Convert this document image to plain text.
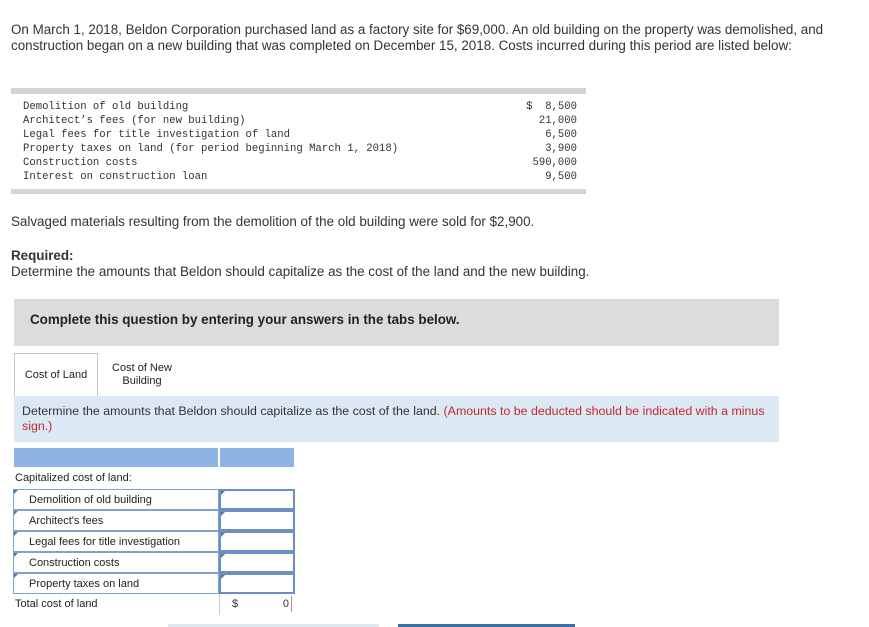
On March 1, 2018, Beldon Corporation purchased land as a factory site for $69,000. An old building on the property was demolished, and construction began on a new building that was completed on December 15, 2018. Costs incurred during this period are listed below:
Demolition of old building	$  8,500
Architect’s fees (for new building)	21,000
Legal fees for title investigation of land	6,500
Property taxes on land (for period beginning March 1, 2018)	3,900
Construction costs	590,000
Interest on construction loan	9,500
Salvaged materials resulting from the demolition of the old building were sold for $2,900.
Required:
Determine the amounts that Beldon should capitalize as the cost of the land and the new building.
Complete this question by entering your answers in the tabs below.
Cost of Land
Cost of New Building
Determine the amounts that Beldon should capitalize as the cost of the land. (Amounts to be deducted should be indicated with a minus sign.)
Capitalized cost of land:
Demolition of old building
Architect's fees
Legal fees for title investigation
Construction costs
Property taxes on land
Total cost of land	$	0
